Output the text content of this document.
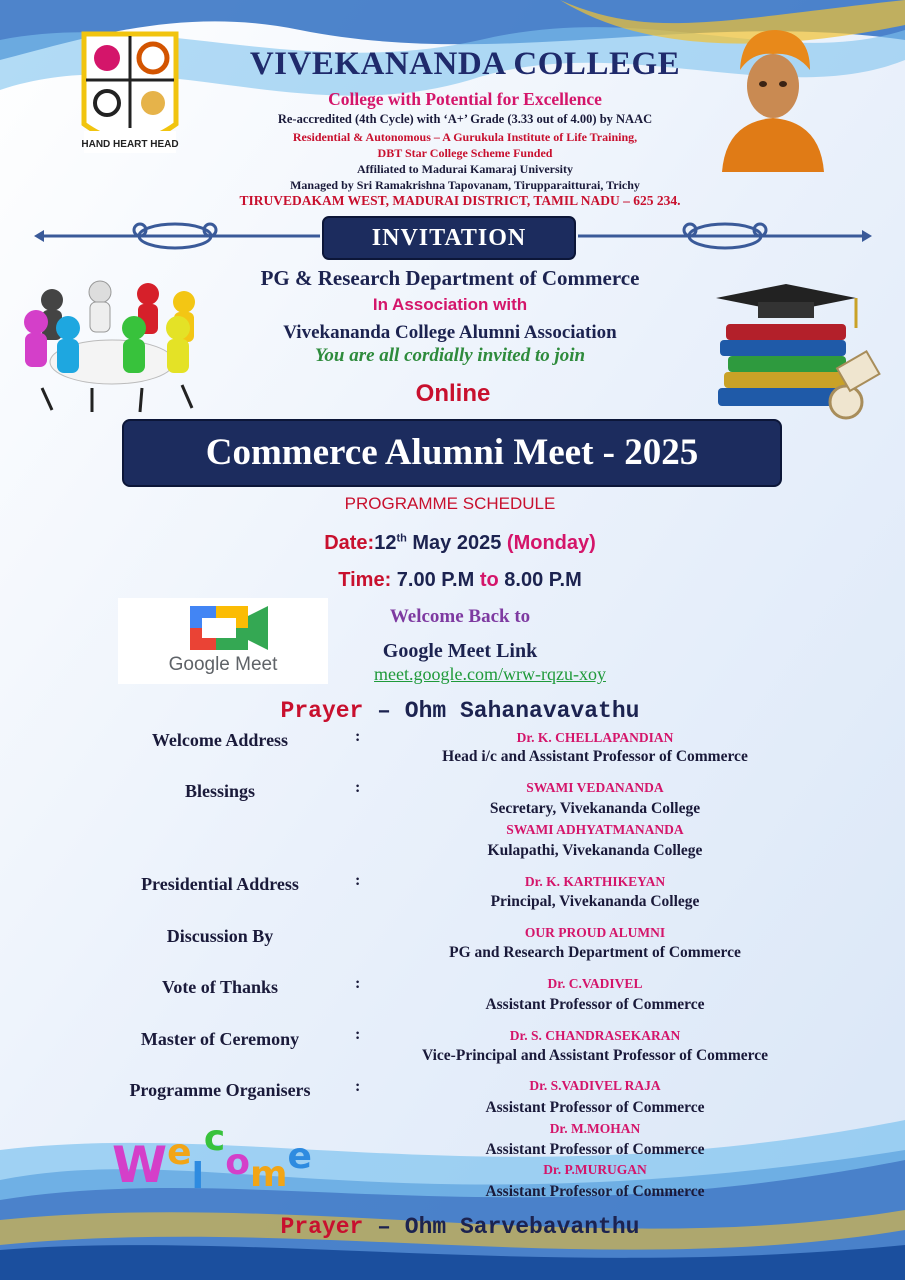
HAND HEART HEAD
VIVEKANANDA COLLEGE
College with Potential for Excellence
Re-accredited (4th Cycle) with ‘A+’ Grade (3.33 out of 4.00) by NAAC
Residential & Autonomous – A Gurukula Institute of Life Training,
DBT Star College Scheme Funded
Affiliated to Madurai Kamaraj University
Managed by Sri Ramakrishna Tapovanam, Tirupparaitturai, Trichy
TIRUVEDAKAM WEST, MADURAI DISTRICT, TAMIL NADU – 625 234.
INVITATION
PG & Research Department of Commerce
In Association with
Vivekananda College Alumni Association
You are all cordially invited to join
Online
Commerce Alumni Meet - 2025
PROGRAMME SCHEDULE
Date:12th May 2025 (Monday)
Time: 7.00 P.M to 8.00 P.M
Google Meet
Welcome Back to
Google Meet Link
meet.google.com/wrw-rqzu-xoy
Prayer – Ohm Sahanavavathu
Welcome Address	:	Dr. K. CHELLAPANDIAN
Head i/c and Assistant Professor of Commerce
Blessings	:	SWAMI VEDANANDA
Secretary, Vivekananda College
SWAMI ADHYATMANANDA
Kulapathi, Vivekananda College
Presidential Address	:	Dr. K. KARTHIKEYAN
Principal, Vivekananda College
Discussion By	OUR PROUD ALUMNI
PG and Research Department of Commerce
Vote of Thanks	:	Dr. C.VADIVEL
Assistant Professor of Commerce
Master of Ceremony	:	Dr. S. CHANDRASEKARAN
Vice-Principal and Assistant Professor of Commerce
Programme Organisers	:	Dr. S.VADIVEL RAJA
Assistant Professor of Commerce
Dr. M.MOHAN
Assistant Professor of Commerce
Dr. P.MURUGAN
Assistant Professor of Commerce
Welcome
Prayer – Ohm Sarvebavanthu
